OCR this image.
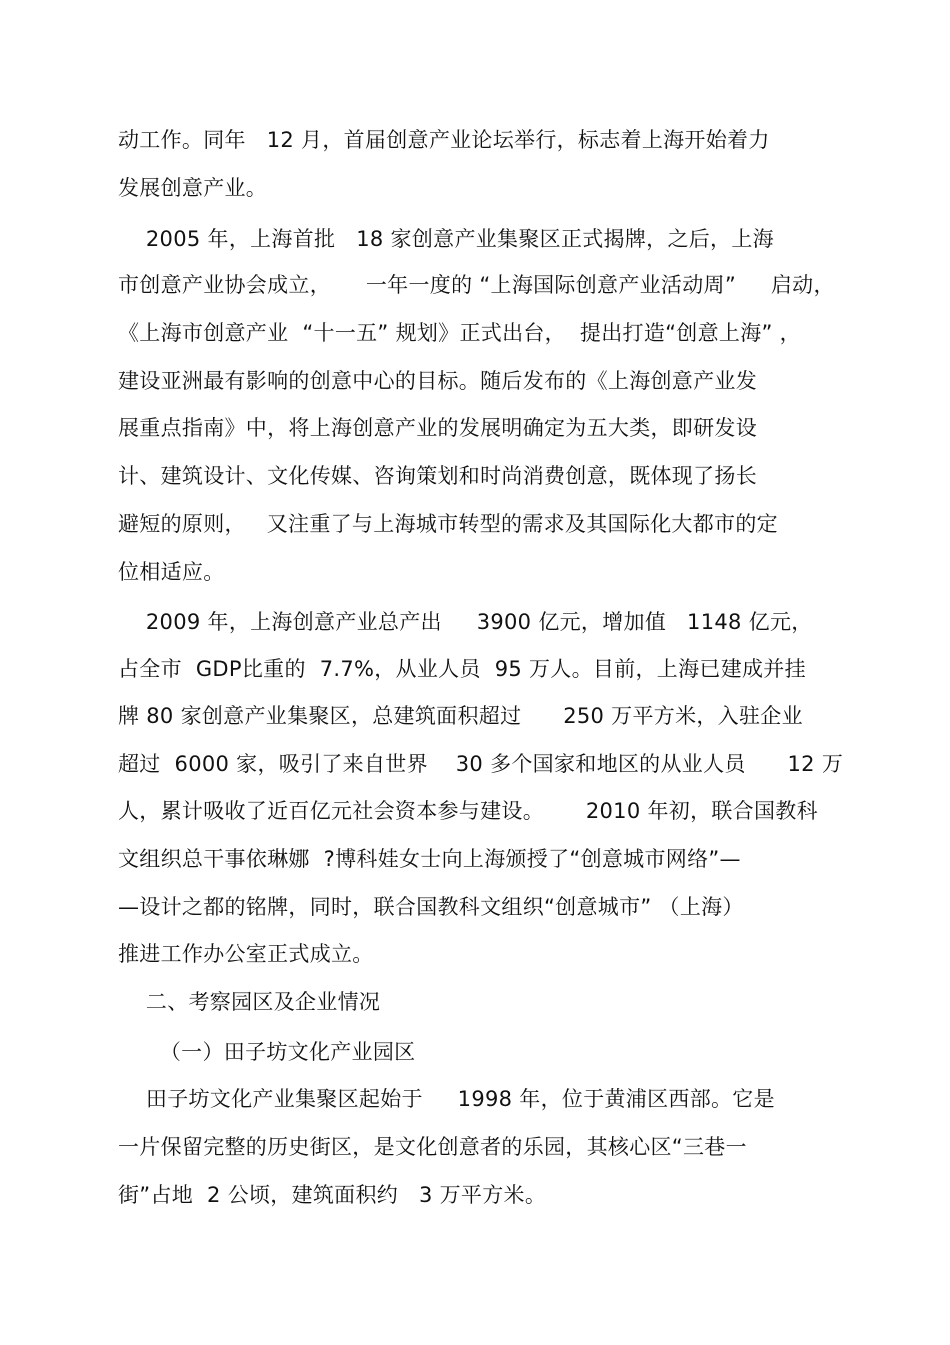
动工作。同年   12 月，首届创意产业论坛举行，标志着上海开始着力
发展创意产业。
2005 年，上海首批   18 家创意产业集聚区正式揭牌，之后，上海
市创意产业协会成立，     一年一度的 “上海国际创意产业活动周”     启动，
《上海市创意产业  “十一五” 规划》正式出台，  提出打造“创意上海” ，
建设亚洲最有影响的创意中心的目标。随后发布的《上海创意产业发
展重点指南》中，将上海创意产业的发展明确定为五大类，即研发设
计、建筑设计、文化传媒、咨询策划和时尚消费创意，既体现了扬长
避短的原则，   又注重了与上海城市转型的需求及其国际化大都市的定
位相适应。
2009 年，上海创意产业总产出     3900 亿元，增加值   1148 亿元，
占全市  GDP比重的  7.7%，从业人员  95 万人。目前，上海已建成并挂
牌 80 家创意产业集聚区，总建筑面积超过      250 万平方米，入驻企业
超过  6000 家，吸引了来自世界    30 多个国家和地区的从业人员      12 万
人，累计吸收了近百亿元社会资本参与建设。      2010 年初，联合国教科
文组织总干事依琳娜  ?博科娃女士向上海颁授了“创意城市网络”—
—设计之都的铭牌，同时，联合国教科文组织“创意城市” （上海）
推进工作办公室正式成立。
二、考察园区及企业情况
（一）田子坊文化产业园区
田子坊文化产业集聚区起始于     1998 年，位于黄浦区西部。它是
一片保留完整的历史街区，是文化创意者的乐园，其核心区“三巷一
街”占地  2 公顷，建筑面积约   3 万平方米。
